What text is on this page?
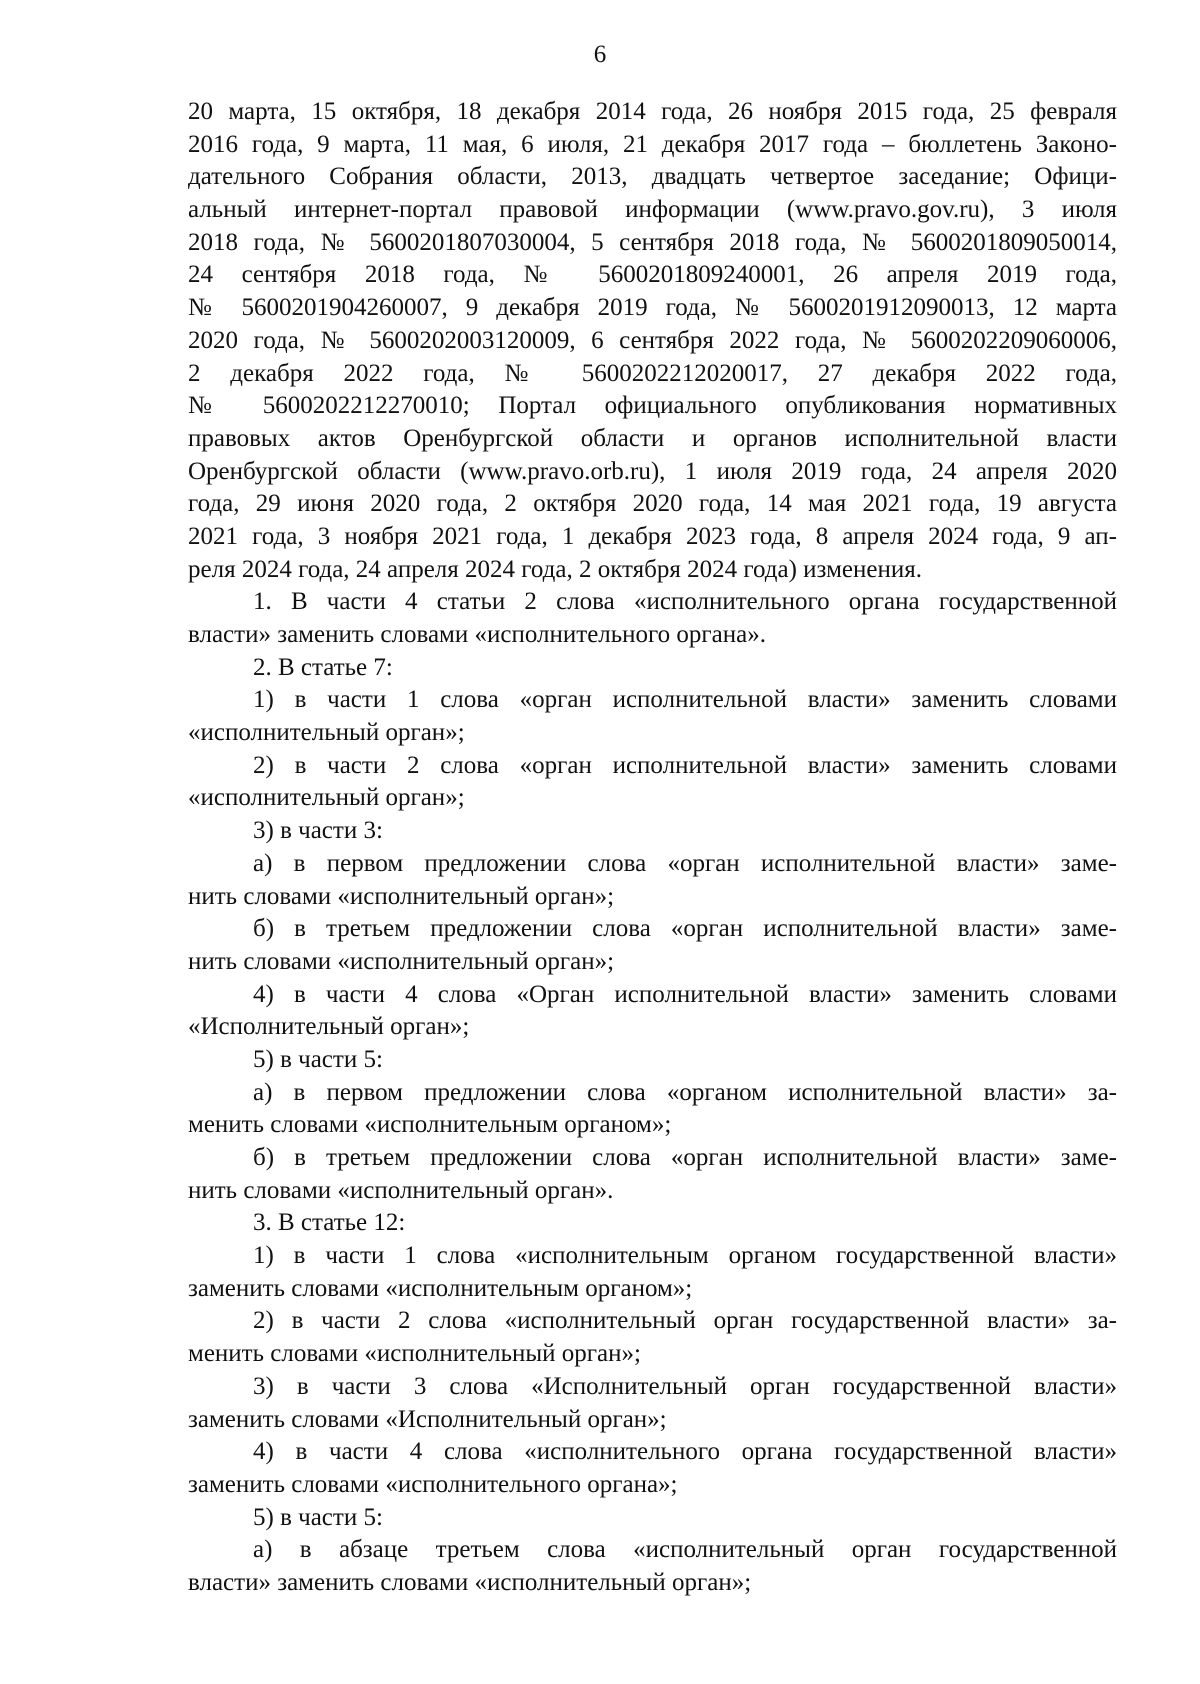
6
20 марта, 15 октября, 18 декабря 2014 года, 26 ноября 2015 года, 25 февраля
2016 года, 9 марта, 11 мая, 6 июля, 21 декабря 2017 года – бюллетень Законо-
дательного Собрания области, 2013, двадцать четвертое заседание; Офици-
альный интернет-портал правовой информации (www.pravo.gov.ru), 3 июля
2018 года, № 5600201807030004, 5 сентября 2018 года, № 5600201809050014,
24 сентября 2018 года, № 5600201809240001, 26 апреля 2019 года,
№ 5600201904260007, 9 декабря 2019 года, № 5600201912090013, 12 марта
2020 года, № 5600202003120009, 6 сентября 2022 года, № 5600202209060006,
2 декабря 2022 года, № 5600202212020017, 27 декабря 2022 года,
№ 5600202212270010; Портал официального опубликования нормативных
правовых актов Оренбургской области и органов исполнительной власти
Оренбургской области (www.pravo.orb.ru), 1 июля 2019 года, 24 апреля 2020
года, 29 июня 2020 года, 2 октября 2020 года, 14 мая 2021 года, 19 августа
2021 года, 3 ноября 2021 года, 1 декабря 2023 года, 8 апреля 2024 года, 9 ап-
реля 2024 года, 24 апреля 2024 года, 2 октября 2024 года) изменения.
1. В части 4 статьи 2 слова «исполнительного органа государственной
власти» заменить словами «исполнительного органа».
2. В статье 7:
1) в части 1 слова «орган исполнительной власти» заменить словами
«исполнительный орган»;
2) в части 2 слова «орган исполнительной власти» заменить словами
«исполнительный орган»;
3) в части 3:
а) в первом предложении слова «орган исполнительной власти» заме-
нить словами «исполнительный орган»;
б) в третьем предложении слова «орган исполнительной власти» заме-
нить словами «исполнительный орган»;
4) в части 4 слова «Орган исполнительной власти» заменить словами
«Исполнительный орган»;
5) в части 5:
а) в первом предложении слова «органом исполнительной власти» за-
менить словами «исполнительным органом»;
б) в третьем предложении слова «орган исполнительной власти» заме-
нить словами «исполнительный орган».
3. В статье 12:
1) в части 1 слова «исполнительным органом государственной власти»
заменить словами «исполнительным органом»;
2) в части 2 слова «исполнительный орган государственной власти» за-
менить словами «исполнительный орган»;
3) в части 3 слова «Исполнительный орган государственной власти»
заменить словами «Исполнительный орган»;
4) в части 4 слова «исполнительного органа государственной власти»
заменить словами «исполнительного органа»;
5) в части 5:
а) в абзаце третьем слова «исполнительный орган государственной
власти» заменить словами «исполнительный орган»;
